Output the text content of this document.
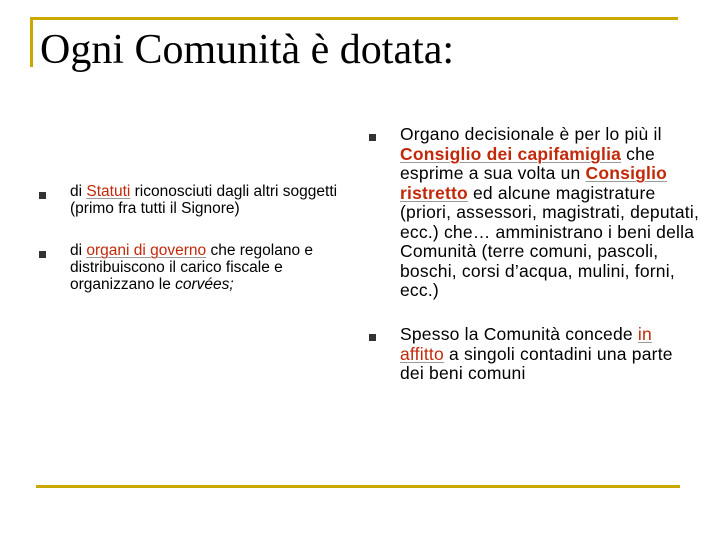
Ogni Comunità è dotata:
di Statuti riconosciuti dagli altri soggetti (primo fra tutti il Signore)
di organi di governo che regolano e distribuiscono il carico fiscale e organizzano le corvées;
Organo decisionale è per lo più il Consiglio dei capifamiglia che esprime a sua volta un Consiglio ristretto ed alcune magistrature (priori, assessori, magistrati, deputati, ecc.) che… amministrano i beni della Comunità (terre comuni, pascoli, boschi, corsi d’acqua, mulini, forni, ecc.)
Spesso la Comunità concede in affitto a singoli contadini una parte dei beni comuni
